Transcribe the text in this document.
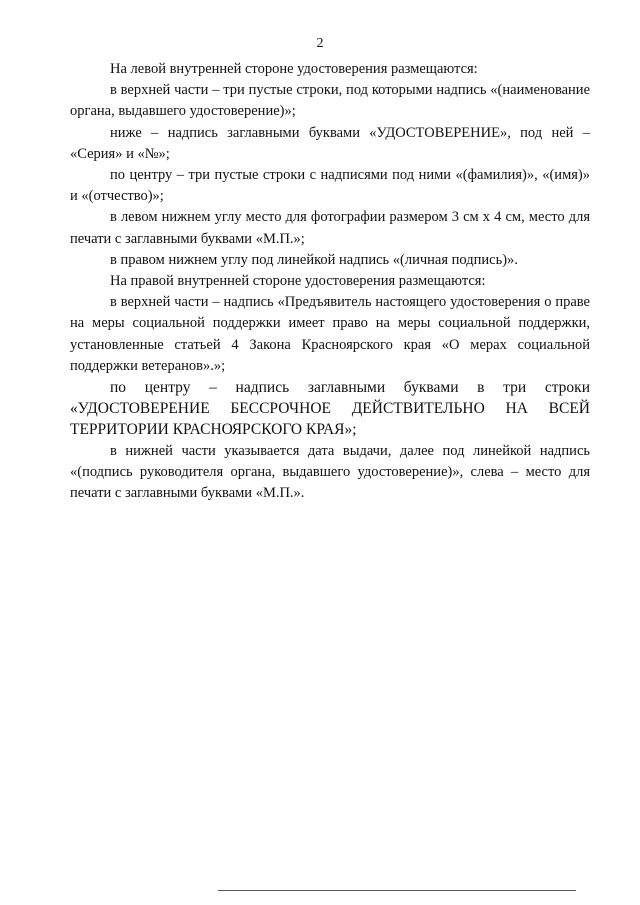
2

На левой внутренней стороне удостоверения размещаются:

в верхней части – три пустые строки, под которыми надпись «(наименование органа, выдавшего удостоверение)»;

ниже – надпись заглавными буквами «УДОСТОВЕРЕНИЕ», под ней – «Серия» и «№»;

по центру – три пустые строки с надписями под ними «(фамилия)», «(имя)» и «(отчество)»;

в левом нижнем углу место для фотографии размером 3 см х 4 см, место для печати с заглавными буквами «М.П.»;

в правом нижнем углу под линейкой надпись «(личная подпись)».

На правой внутренней стороне удостоверения размещаются:

в верхней части – надпись «Предъявитель настоящего удостоверения о праве на меры социальной поддержки имеет право на меры социальной поддержки, установленные статьей 4 Закона Красноярского края «О мерах социальной поддержки ветеранов».»;

по центру – надпись заглавными буквами в три строки «УДОСТОВЕРЕНИЕ БЕССРОЧНОЕ ДЕЙСТВИТЕЛЬНО НА ВСЕЙ ТЕРРИТОРИИ КРАСНОЯРСКОГО КРАЯ»;

в нижней части указывается дата выдачи, далее под линейкой надпись «(подпись руководителя органа, выдавшего удостоверение)», слева – место для печати с заглавными буквами «М.П.».
